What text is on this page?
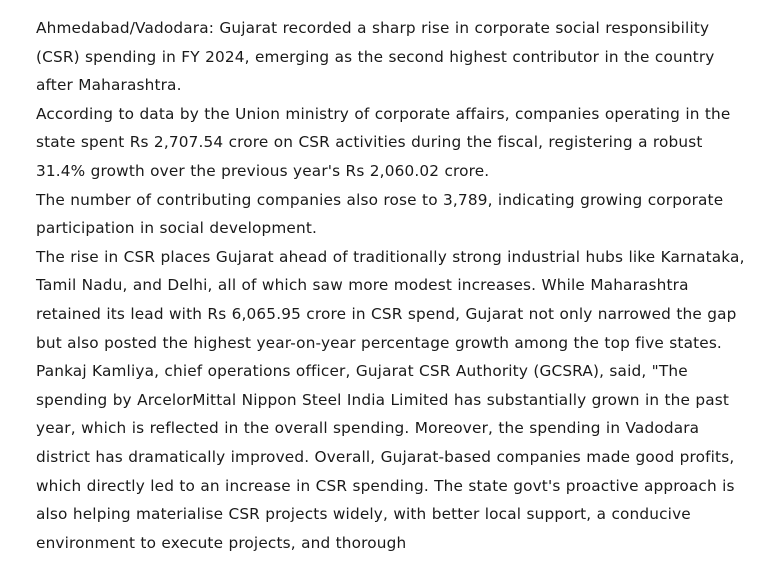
Ahmedabad/Vadodara: Gujarat recorded a sharp rise in corporate social responsibility (CSR) spending in FY 2024, emerging as the second highest contributor in the country after Maharashtra.

According to data by the Union ministry of corporate affairs, companies operating in the state spent Rs 2,707.54 crore on CSR activities during the fiscal, registering a robust 31.4% growth over the previous year's Rs 2,060.02 crore.

The number of contributing companies also rose to 3,789, indicating growing corporate participation in social development.

The rise in CSR places Gujarat ahead of traditionally strong industrial hubs like Karnataka, Tamil Nadu, and Delhi, all of which saw more modest increases. While Maharashtra retained its lead with Rs 6,065.95 crore in CSR spend, Gujarat not only narrowed the gap but also posted the highest year-on-year percentage growth among the top five states.

Pankaj Kamliya, chief operations officer, Gujarat CSR Authority (GCSRA), said, "The spending by ArcelorMittal Nippon Steel India Limited has substantially grown in the past year, which is reflected in the overall spending. Moreover, the spending in Vadodara district has dramatically improved. Overall, Gujarat-based companies made good profits, which directly led to an increase in CSR spending. The state govt's proactive approach is also helping materialise CSR projects widely, with better local support, a conducive environment to execute projects, and thorough
